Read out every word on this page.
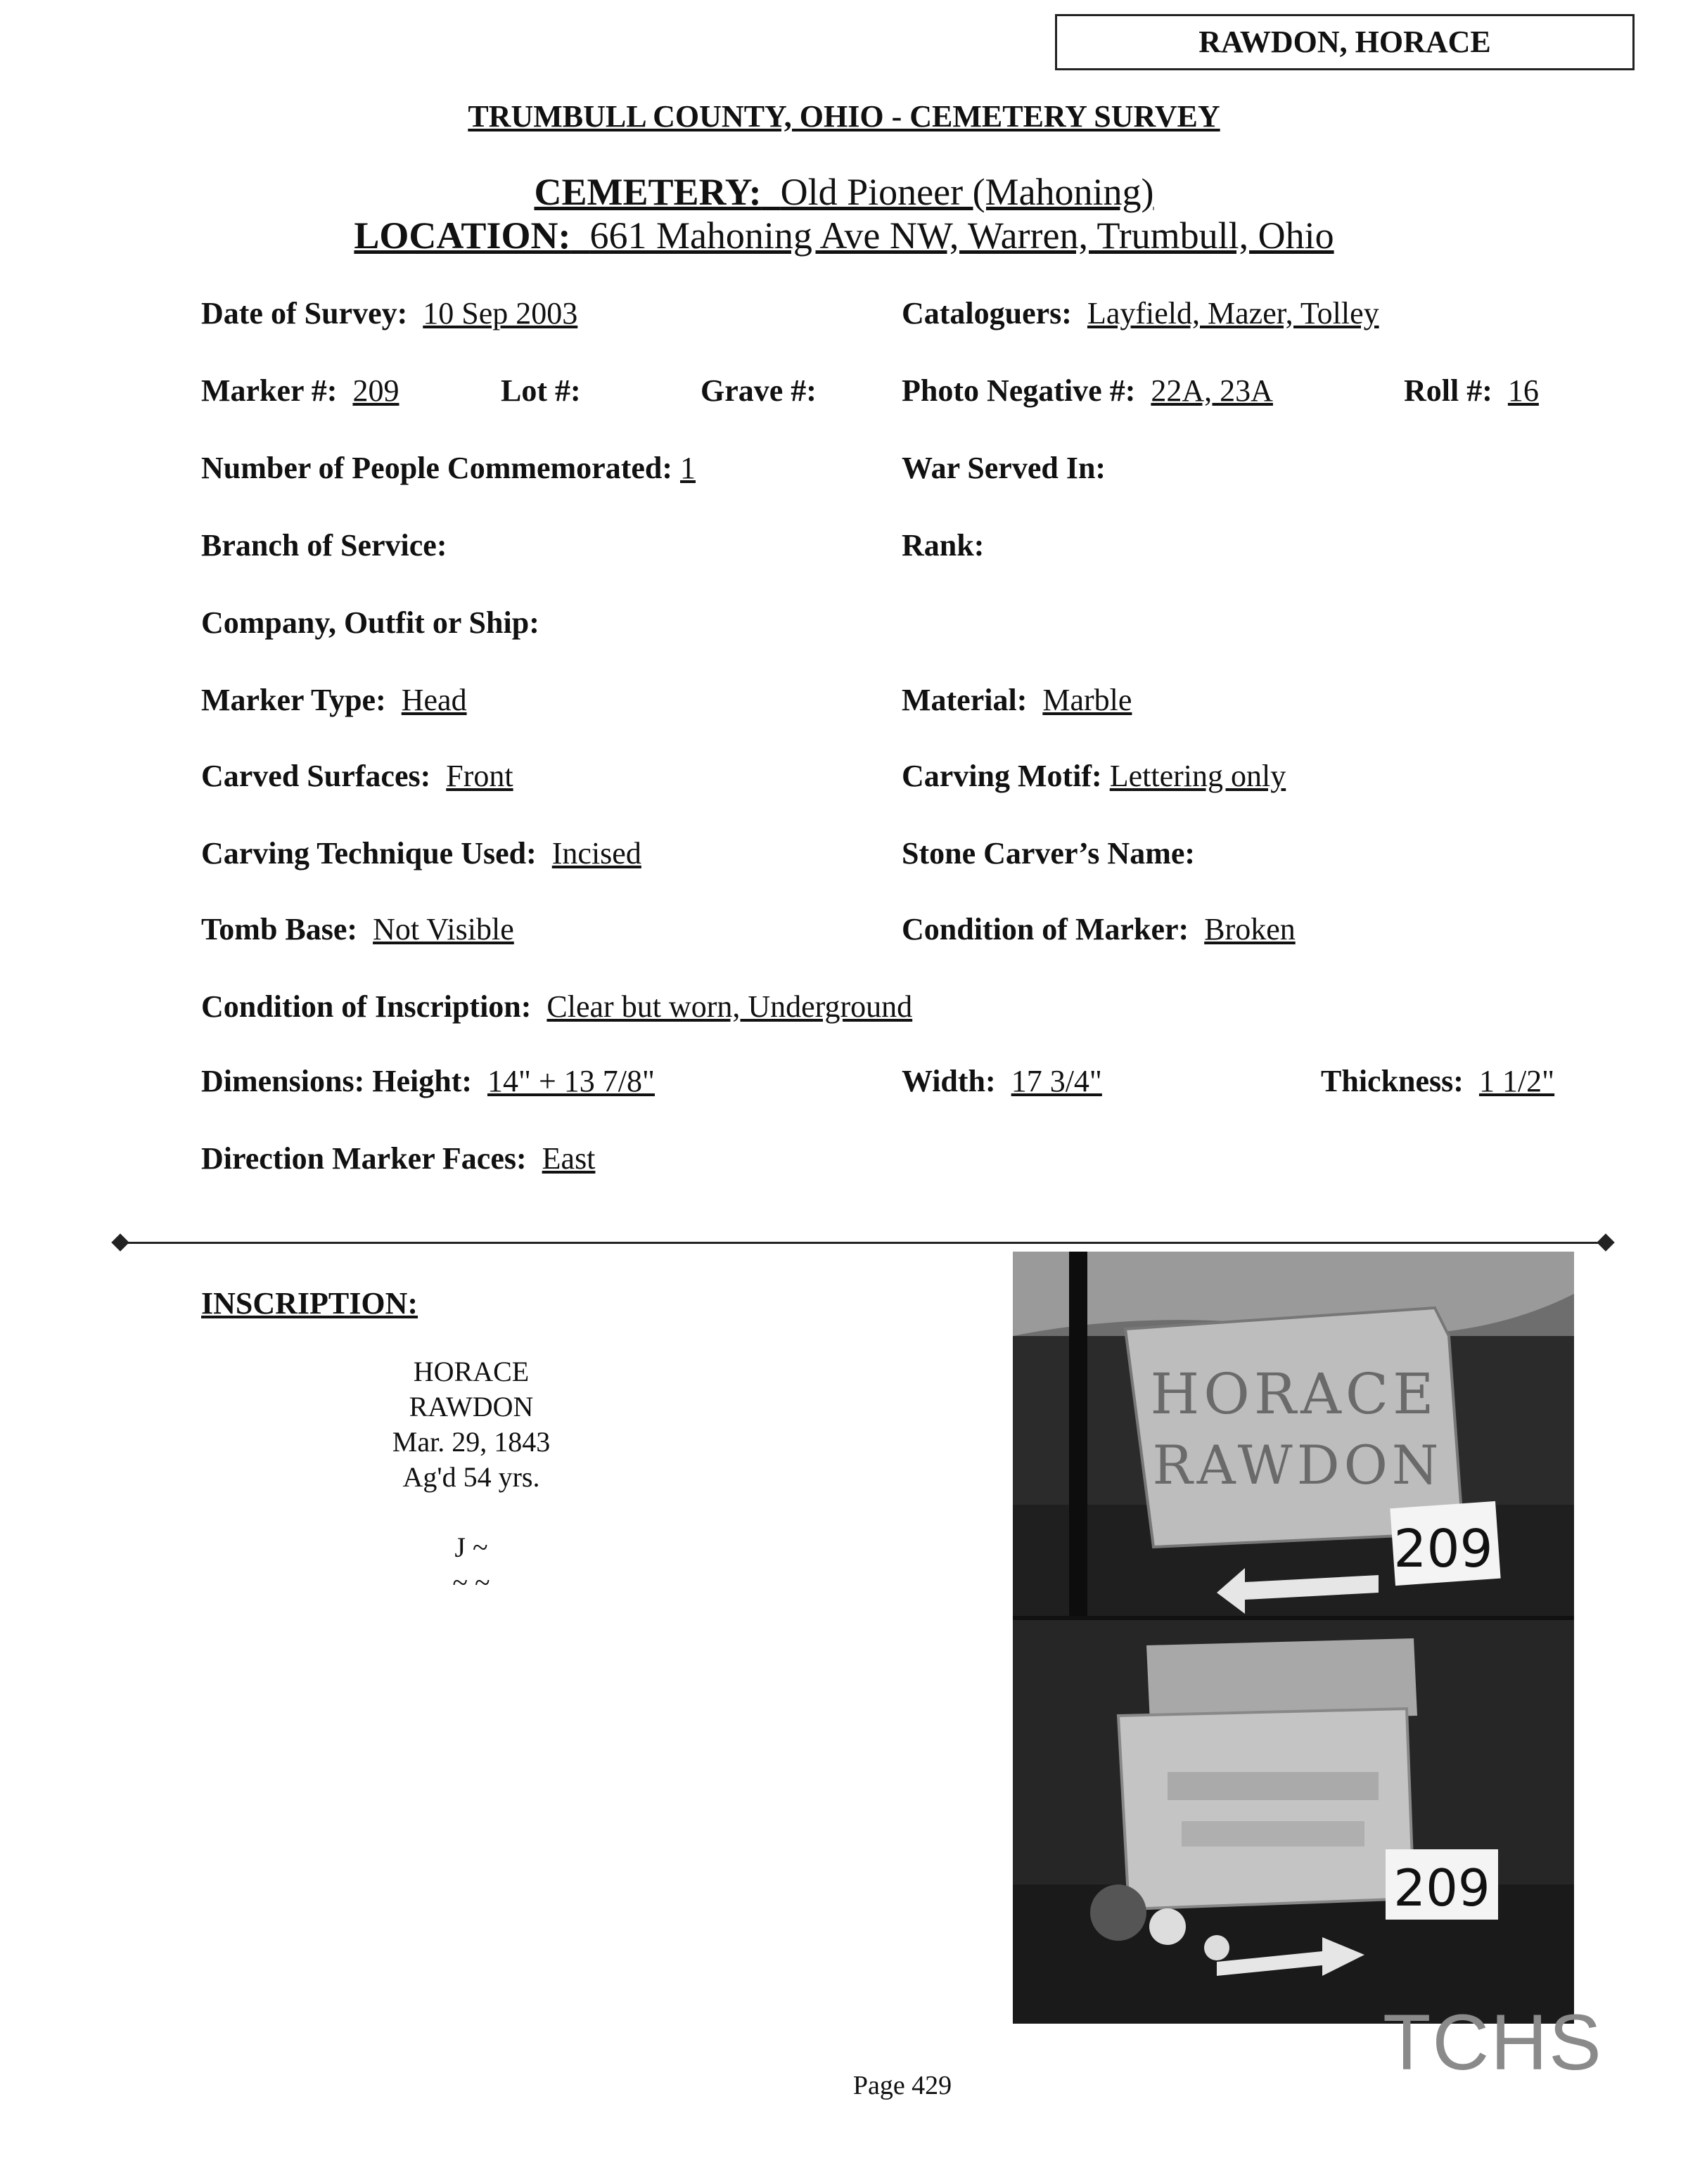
RAWDON, HORACE
TRUMBULL COUNTY, OHIO - CEMETERY SURVEY
CEMETERY: Old Pioneer (Mahoning)
LOCATION: 661 Mahoning Ave NW, Warren, Trumbull, Ohio
Date of Survey: 10 Sep 2003	Cataloguers: Layfield, Mazer, Tolley
Marker #: 209	Lot #:	Grave #:	Photo Negative #: 22A, 23A	Roll #: 16
Number of People Commemorated: 1	War Served In:
Branch of Service:	Rank:
Company, Outfit or Ship:
Marker Type: Head	Material: Marble
Carved Surfaces: Front	Carving Motif: Lettering only
Carving Technique Used: Incised	Stone Carver’s Name:
Tomb Base: Not Visible	Condition of Marker: Broken
Condition of Inscription: Clear but worn, Underground
Dimensions: Height: 14" + 13 7/8"	Width: 17 3/4"	Thickness: 1 1/2"
Direction Marker Faces: East
INSCRIPTION:
HORACE
RAWDON
Mar. 29, 1843
Ag'd 54 yrs.
J ~
~ ~
HORACE
RAWDON
209
209
TCHS
Page 429
